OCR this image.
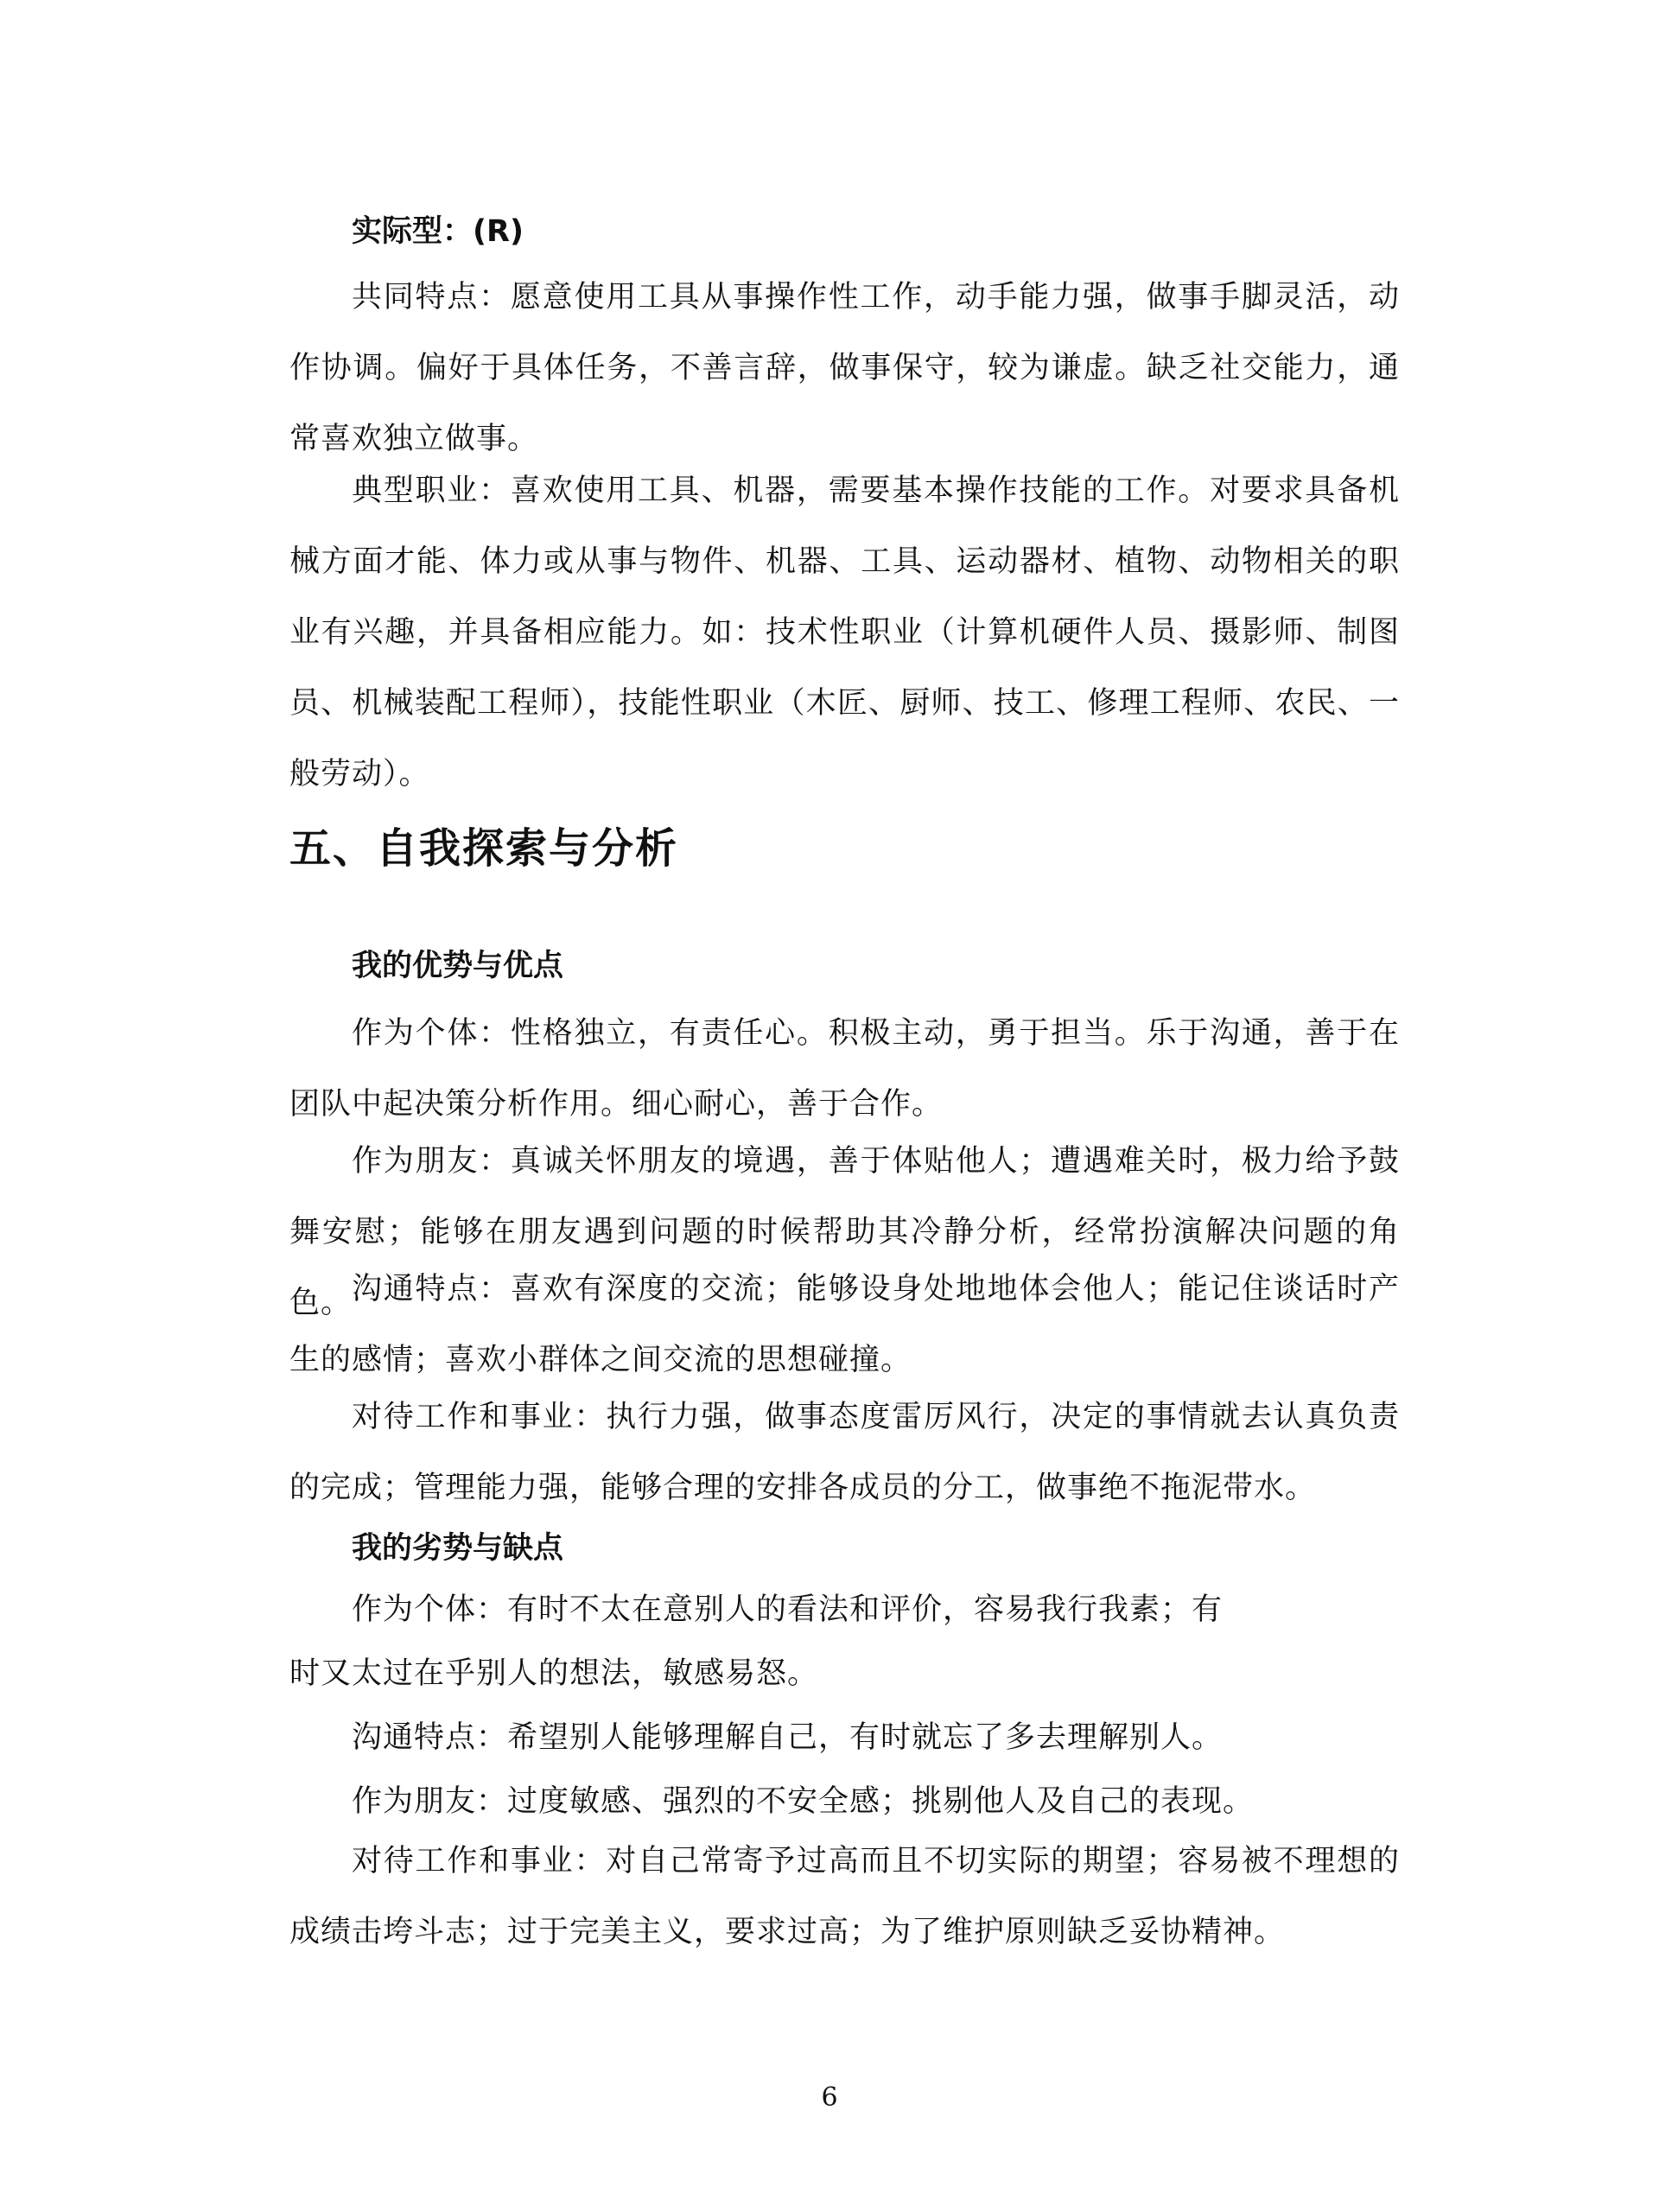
实际型：(R)
共同特点：愿意使用工具从事操作性工作，动手能力强，做事手脚灵活，动作协调。偏好于具体任务，不善言辞，做事保守，较为谦虚。缺乏社交能力，通常喜欢独立做事。
典型职业：喜欢使用工具、机器，需要基本操作技能的工作。对要求具备机械方面才能、体力或从事与物件、机器、工具、运动器材、植物、动物相关的职业有兴趣，并具备相应能力。如：技术性职业（计算机硬件人员、摄影师、制图员、机械装配工程师），技能性职业（木匠、厨师、技工、修理工程师、农民、一般劳动）。
五、自我探索与分析
我的优势与优点
作为个体：性格独立，有责任心。积极主动，勇于担当。乐于沟通，善于在团队中起决策分析作用。细心耐心，善于合作。
作为朋友：真诚关怀朋友的境遇，善于体贴他人；遭遇难关时，极力给予鼓舞安慰；能够在朋友遇到问题的时候帮助其冷静分析，经常扮演解决问题的角色。 沟通特点：喜欢有深度的交流；能够设身处地地体会他人；能记住谈话时产生的感情；喜欢小群体之间交流的思想碰撞。
对待工作和事业：执行力强，做事态度雷厉风行，决定的事情就去认真负责的完成；管理能力强，能够合理的安排各成员的分工，做事绝不拖泥带水。
我的劣势与缺点
作为个体：有时不太在意别人的看法和评价，容易我行我素；有
时又太过在乎别人的想法，敏感易怒。
沟通特点：希望别人能够理解自己，有时就忘了多去理解别人。
作为朋友：过度敏感、强烈的不安全感；挑剔他人及自己的表现。
对待工作和事业：对自己常寄予过高而且不切实际的期望；容易被不理想的成绩击垮斗志；过于完美主义，要求过高；为了维护原则缺乏妥协精神。
6
